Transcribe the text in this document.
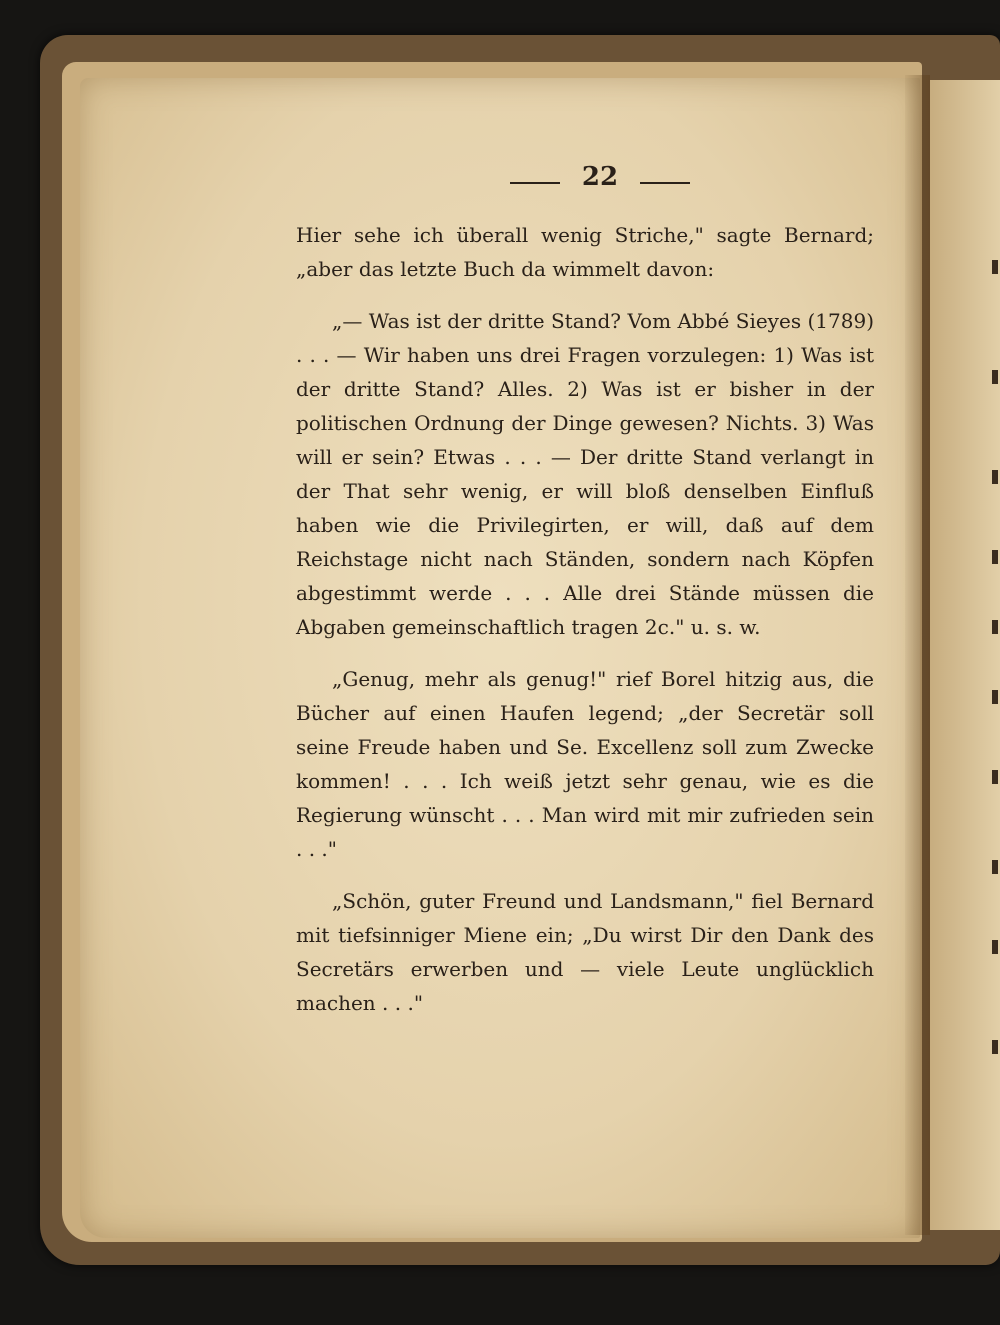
22

Hier sehe ich überall wenig Striche," sagte Bernard; „aber das letzte Buch da wimmelt davon:

„— Was ist der dritte Stand? Vom Abbé Sieyes (1789) . . . — Wir haben uns drei Fragen vorzulegen: 1) Was ist der dritte Stand? Alles. 2) Was ist er bisher in der politischen Ordnung der Dinge gewesen? Nichts. 3) Was will er sein? Etwas . . . — Der dritte Stand verlangt in der That sehr wenig, er will bloß denselben Einfluß haben wie die Privilegirten, er will, daß auf dem Reichstage nicht nach Ständen, sondern nach Köpfen abgestimmt werde . . . Alle drei Stände müssen die Abgaben gemeinschaftlich tragen 2c." u. s. w.

„Genug, mehr als genug!" rief Borel hitzig aus, die Bücher auf einen Haufen legend; „der Secretär soll seine Freude haben und Se. Excellenz soll zum Zwecke kommen! . . . Ich weiß jetzt sehr genau, wie es die Regierung wünscht . . . Man wird mit mir zufrieden sein . . ."

„Schön, guter Freund und Landsmann," fiel Bernard mit tiefsinniger Miene ein; „Du wirst Dir den Dank des Secretärs erwerben und — viele Leute unglücklich machen . . ."
